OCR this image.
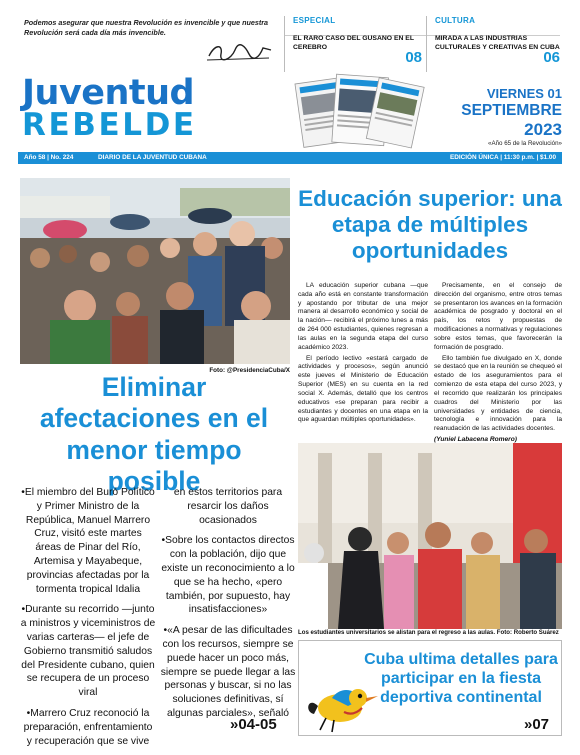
Podemos asegurar que nuestra Revolución es invencible y que nuestra Revolución será cada día más invencible.
ESPECIAL
EL RARO CASO DEL GUSANO EN EL CEREBRO
08
CULTURA
MIRADA A LAS INDUSTRIAS CULTURALES Y CREATIVAS EN CUBA
06
Juventud
REBELDE
VIERNES 01
SEPTIEMBRE
2023
«Año 65 de la Revolución»
Año 58 | No. 224	DIARIO DE LA JUVENTUD CUBANA	EDICIÓN ÚNICA | 11:30 p.m. | $1.00
Foto: @PresidenciaCuba/X
Eliminar afectaciones en el menor tiempo posible

•El miembro del Buró Político y Primer Ministro de la República, Manuel Marrero Cruz, visitó este martes áreas de Pinar del Río, Artemisa y Mayabeque, provincias afectadas por la tormenta tropical Idalia

•Durante su recorrido —junto a ministros y viceministros de varias carteras— el jefe de Gobierno transmitió saludos del Presidente cubano, quien se recupera de un proceso viral

•Marrero Cruz reconoció la preparación, enfrentamiento y recuperación que se vive

en estos territorios para resarcir los daños ocasionados

•Sobre los contactos directos con la población, dijo que existe un reconocimiento a lo que se ha hecho, «pero también, por supuesto, hay insatisfacciones»

•«A pesar de las dificultades con los recursos, siempre se puede hacer un poco más, siempre se puede llegar a las personas y buscar, si no las soluciones definitivas, sí algunas parciales», señaló

»04-05
Educación superior: una etapa de múltiples oportunidades

LA educación superior cubana —que cada año está en constante transformación y apostando por tributar de una mejor manera al desarrollo económico y social de la nación— recibirá el próximo lunes a más de 264 000 estudiantes, quienes regresan a las aulas en la segunda etapa del curso académico 2023.

El período lectivo «estará cargado de actividades y procesos», según anunció este jueves el Ministerio de Educación Superior (MES) en su cuenta en la red social X. Además, detalló que los centros educativos «se preparan para recibir a estudiantes y docentes en una etapa en la que aguardan múltiples oportunidades».

Precisamente, en el consejo de dirección del organismo, entre otros temas se presentaron los avances en la formación académica de posgrado y doctoral en el país, los retos y propuestas de modificaciones a normativas y regulaciones sobre estos temas, que favorecerán la formación de posgrado.

Ello también fue divulgado en X, donde se destacó que en la reunión se chequeó el estado de los aseguramientos para el comienzo de esta etapa del curso 2023, y el recorrido que realizarán los principales cuadros del Ministerio por las universidades y entidades de ciencia, tecnología e innovación para la reanudación de las actividades docentes.

(Yuniel Labacena Romero)
Los estudiantes universitarios se alistan para el regreso a las aulas. Foto: Roberto Suárez
Cuba ultima detalles para participar en la fiesta deportiva continental
»07
